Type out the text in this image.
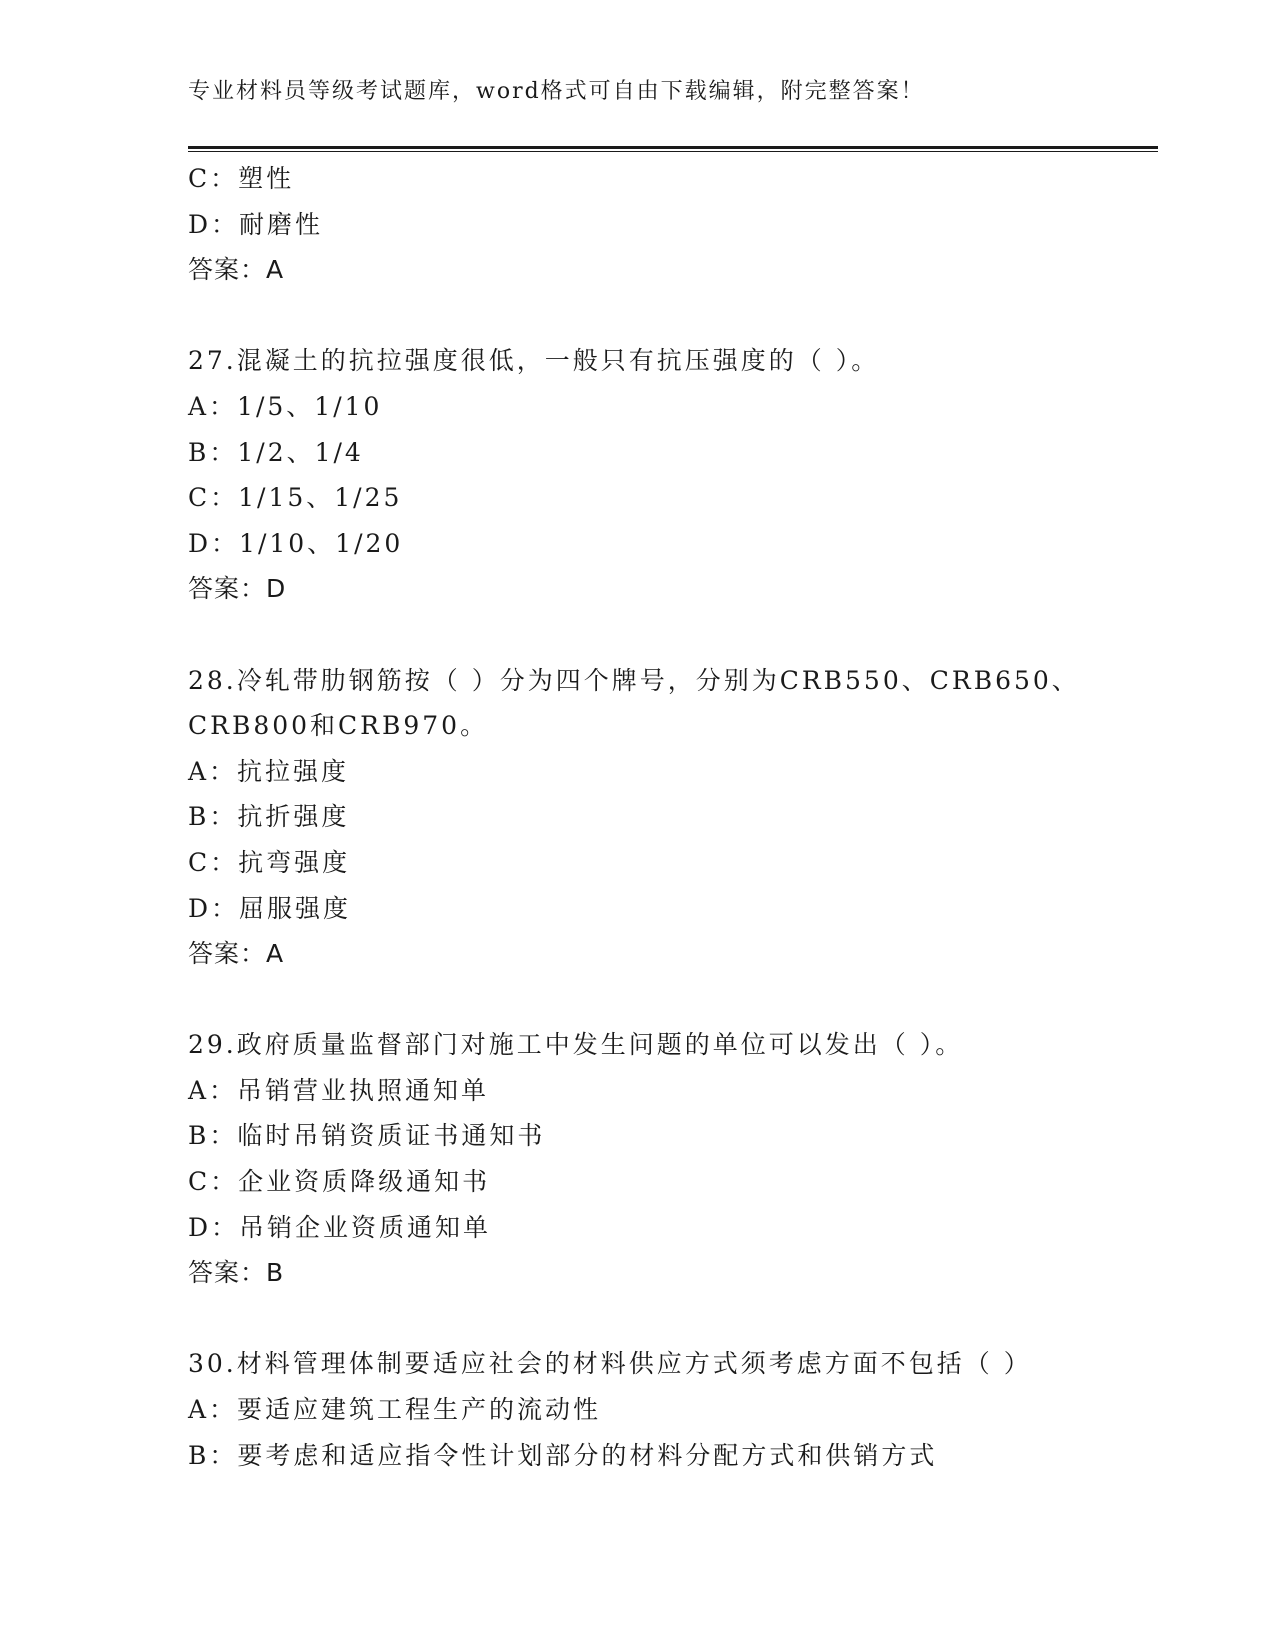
专业材料员等级考试题库，word格式可自由下载编辑，附完整答案！
C：塑性
D：耐磨性
答案：A
27.混凝土的抗拉强度很低，一般只有抗压强度的（ ）。
A：1/5、1/10
B：1/2、1/4
C：1/15、1/25
D：1/10、1/20
答案：D
28.冷轧带肋钢筋按（ ）分为四个牌号，分别为CRB550、CRB650、
CRB800和CRB970。
A：抗拉强度
B：抗折强度
C：抗弯强度
D：屈服强度
答案：A
29.政府质量监督部门对施工中发生问题的单位可以发出（ ）。
A：吊销营业执照通知单
B：临时吊销资质证书通知书
C：企业资质降级通知书
D：吊销企业资质通知单
答案：B
30.材料管理体制要适应社会的材料供应方式须考虑方面不包括（ ）
A：要适应建筑工程生产的流动性
B：要考虑和适应指令性计划部分的材料分配方式和供销方式
